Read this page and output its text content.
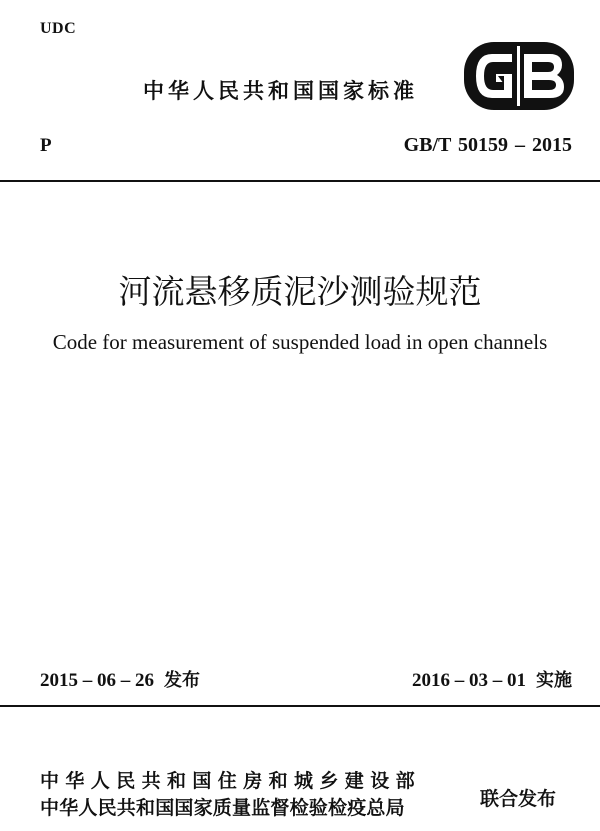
UDC
中华人民共和国国家标准
P	GB/T 50159 – 2015
河流悬移质泥沙测验规范
Code for measurement of suspended load in open channels
2015 – 06 – 26 发布	2016 – 03 – 01 实施
中华人民共和国住房和城乡建设部
中华人民共和国国家质量监督检验检疫总局	联合发布
